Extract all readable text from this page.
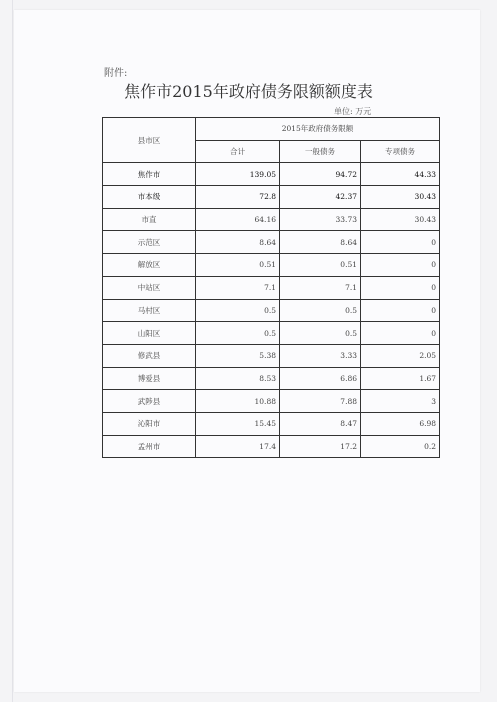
附件:
焦作市2015年政府债务限额额度表
单位: 万元
县市区	2015年政府债务限额		
	合计	一般债务	专项债务
焦作市	139.05	94.72	44.33
市本级	72.8	42.37	30.43
市直	64.16	33.73	30.43
示范区	8.64	8.64	0
解放区	0.51	0.51	0
中站区	7.1	7.1	0
马村区	0.5	0.5	0
山阳区	0.5	0.5	0
修武县	5.38	3.33	2.05
博爱县	8.53	6.86	1.67
武陟县	10.88	7.88	3
沁阳市	15.45	8.47	6.98
孟州市	17.4	17.2	0.2
